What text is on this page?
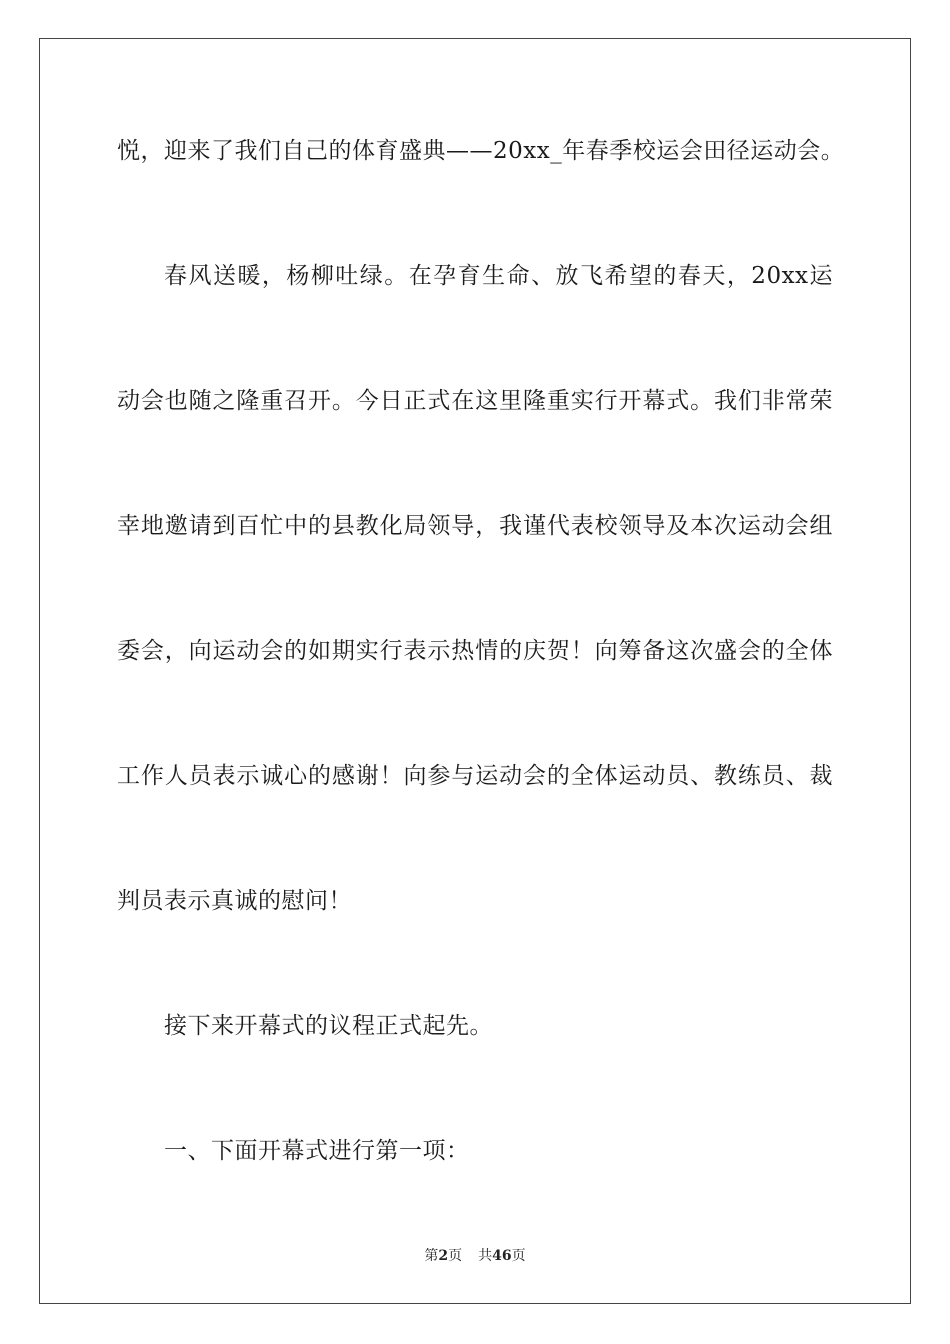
悦，迎来了我们自己的体育盛典——20xx_年春季校运会田径运动会。

春风送暖，杨柳吐绿。在孕育生命、放飞希望的春天，20xx运

动会也随之隆重召开。今日正式在这里隆重实行开幕式。我们非常荣

幸地邀请到百忙中的县教化局领导，我谨代表校领导及本次运动会组

委会，向运动会的如期实行表示热情的庆贺！向筹备这次盛会的全体

工作人员表示诚心的感谢！向参与运动会的全体运动员、教练员、裁

判员表示真诚的慰问！

接下来开幕式的议程正式起先。

一、下面开幕式进行第一项：

第2页 共46页
